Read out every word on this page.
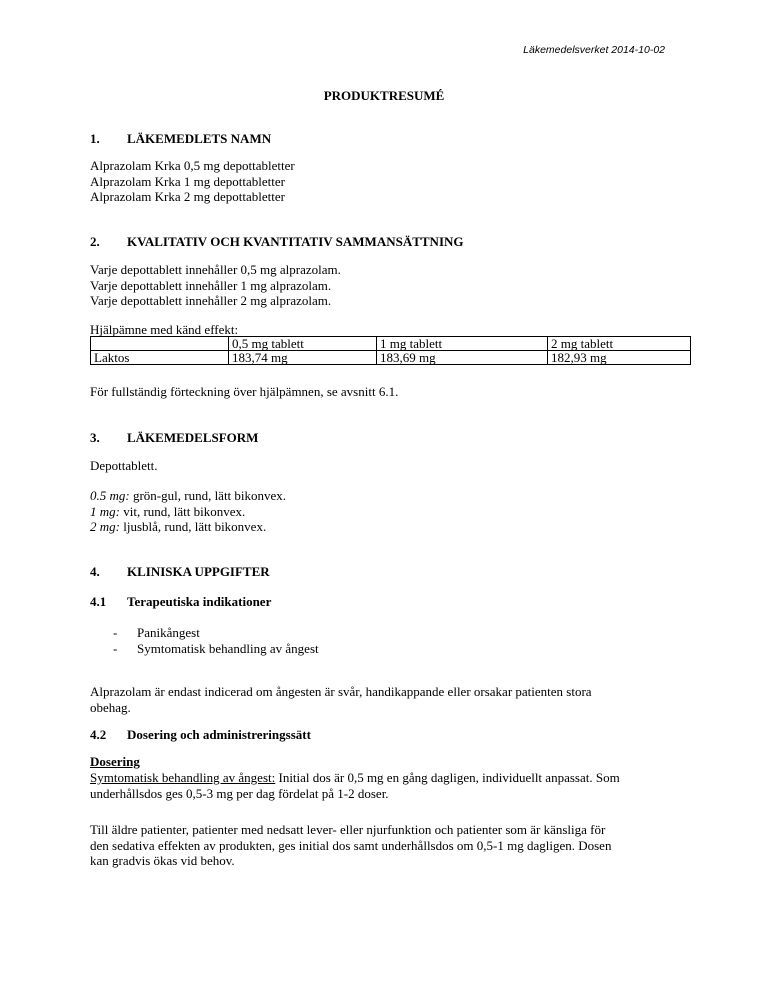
Läkemedelsverket 2014-10-02
PRODUKTRESUMÉ
1. LÄKEMEDLETS NAMN
Alprazolam Krka 0,5 mg depottabletter
Alprazolam Krka 1 mg depottabletter
Alprazolam Krka 2 mg depottabletter
2. KVALITATIV OCH KVANTITATIV SAMMANSÄTTNING
Varje depottablett innehåller 0,5 mg alprazolam.
Varje depottablett innehåller 1 mg alprazolam.
Varje depottablett innehåller 2 mg alprazolam.
Hjälpämne med känd effekt:
	0,5 mg tablett	1 mg tablett	2 mg tablett
Laktos	183,74 mg	183,69 mg	182,93 mg
För fullständig förteckning över hjälpämnen, se avsnitt 6.1.
3. LÄKEMEDELSFORM
Depottablett.
0.5 mg: grön-gul, rund, lätt bikonvex.
1 mg: vit, rund, lätt bikonvex.
2 mg: ljusblå, rund, lätt bikonvex.
4. KLINISKA UPPGIFTER
4.1 Terapeutiska indikationer
- Panikångest
- Symtomatisk behandling av ångest
Alprazolam är endast indicerad om ångesten är svår, handikappande eller orsakar patienten stora
obehag.
4.2 Dosering och administreringssätt
Dosering
Symtomatisk behandling av ångest: Initial dos är 0,5 mg en gång dagligen, individuellt anpassat. Som
underhållsdos ges 0,5-3 mg per dag fördelat på 1-2 doser.
Till äldre patienter, patienter med nedsatt lever- eller njurfunktion och patienter som är känsliga för
den sedativa effekten av produkten, ges initial dos samt underhållsdos om 0,5-1 mg dagligen. Dosen
kan gradvis ökas vid behov.
